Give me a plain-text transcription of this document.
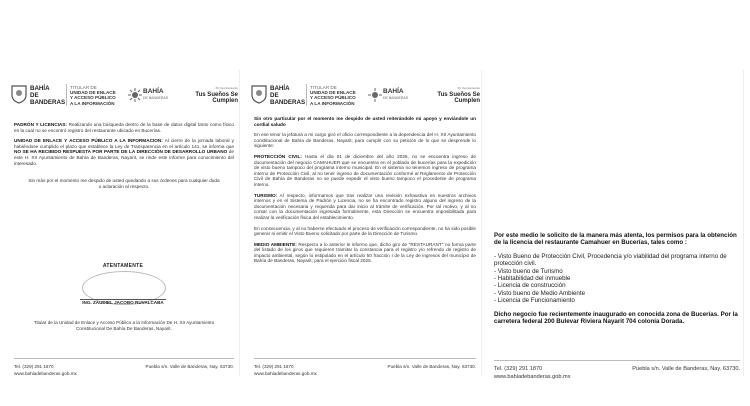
BAHÍA DE BANDERAS
TITULAR DE
UNIDAD DE ENLACE Y ACCESO PÚBLICO A LA INFORMACIÓN
BAHÍA
DE BANDERAS
XII Ayuntamiento
Tus Sueños Se Cumplen

PADRÓN Y LICENCIAS: Realizando una búsqueda dentro de la base de datos digital tanto como físico en la cual no se encontró registro del restaurante ubicado en Bucerías.

UNIDAD DE ENLACE Y ACCESO PÚBLICO A LA INFORMACION: Al cierre de la jornada laboral y habiéndose cumplido el plazo que establece la Ley de Transparencia en el artículo 141, se informa que NO SE HA RECIBIDO RESPUESTA POR PARTE DE LA DIRECCIÓN DE DESARROLLO URBANO de este H. XII Ayuntamiento de Bahía de Banderas, Nayarit, se rinde este informe para conocimiento del interesado.

Sin más por el momento me despido de usted quedando a sus órdenes para cualquier duda o aclaración al respecto.

ATENTAMENTE
ING. ZAUDIEL JACOBO RUVALCABA
Titular de la Unidad de Enlace y Acceso Público a la Información De H. XII Ayuntamiento Constitucional De Bahía De Banderas, Nayarit.
Tel. (329) 291 1870
www.bahiadebanderas.gob.mx
Puebla s/n. Valle de Banderas, Nay. 63730.
BAHÍA DE BANDERAS
TITULAR DE
UNIDAD DE ENLACE Y ACCESO PÚBLICO A LA INFORMACIÓN
BAHÍA
DE BANDERAS
XII Ayuntamiento
Tus Sueños Se Cumplen

Sin otro particular por el momento me despido de usted reiterándole mi apoyo y enviándole un cordial saludo

En ese tenor la jefatura a mi cargo giró el oficio correspondiente a la dependencia del H. XII Ayuntamiento constitucional de Bahía de Banderas, Nayarit; para cumplir con su petición de lo que se desprende lo siguiente:

PROTECCIÓN CIVIL: Hasta el día 01 de diciembre del año 2025, no se encuentra ingreso de documentación del negocio CAMAHUER que se encuentra en el poblado de bucerías para la expedición de visto bueno tampoco del programa interno municipal. En el sistema no tenemos ingreso de programa interno de Protección Civil, al no tener ingreso de documentación conformé al Reglamento de Protección Civil de Bahía de Banderas no se puede expedir el visto bueno tampoco el procedente de programa interno.

TURISMO: Al respecto, informamos que tras realizar una revisión exhaustiva en nuestros archivos internos y en el Sistema de Padrón y Licencia, no se ha encontrado registro alguno del ingreso de la documentación necesaria y requerida para dar inicio al trámite de verificación. Por tal motivo, y al no contar con la documentación ingresada formalmente, esta Dirección se encuentra imposibilitada para realizar la verificación física del establecimiento.

En consecuencia, y al no haberse efectuado el proceso de verificación correspondiente, no ha sido posible generar ni emitir el Visto Bueno solicitado por parte de la Dirección de Turismo.

MEDIO AMBIENTE: Respecto a lo anterior le informo que, dicho giro de "RESTAURANT" no forma parte del listado de los giros que requieren tramitar la constancia para el registro y/o refrendo de registro de impacto ambiental, según lo estipulado en el artículo 50 fracción I de la Ley de ingresos del municipio de Bahía de Banderas, Nayarit; para el ejercicio fiscal 2025.

Tel. (329) 291 1870
www.bahiadebanderas.gob.mx
Puebla s/n. Valle de Banderas, Nay. 63730.

Por este medio le solicito de la manera más atenta, los permisos para la obtención de la licencia del restaurante Camahuer en Bucerías, tales como :

- Visto Bueno de Protección Civil, Procedencia y/o viabilidad del programa interno de protección civil.
- Visto bueno de Turismo
- Habitabilidad del inmueble
- Licencia de construcción
- Visto bueno de Medio Ambiente
- Licencia de Funcionamiento

Dicho negocio fue recientemente inaugurado en conocida zona de Bucerías. Por la carretera federal 200 Bulevar Riviera Nayarit 704 colonia Dorada.

Tel. (329) 291 1870
www.bahiadebanderas.gob.mx
Puebla s/n. Valle de Banderas, Nay. 63730.
